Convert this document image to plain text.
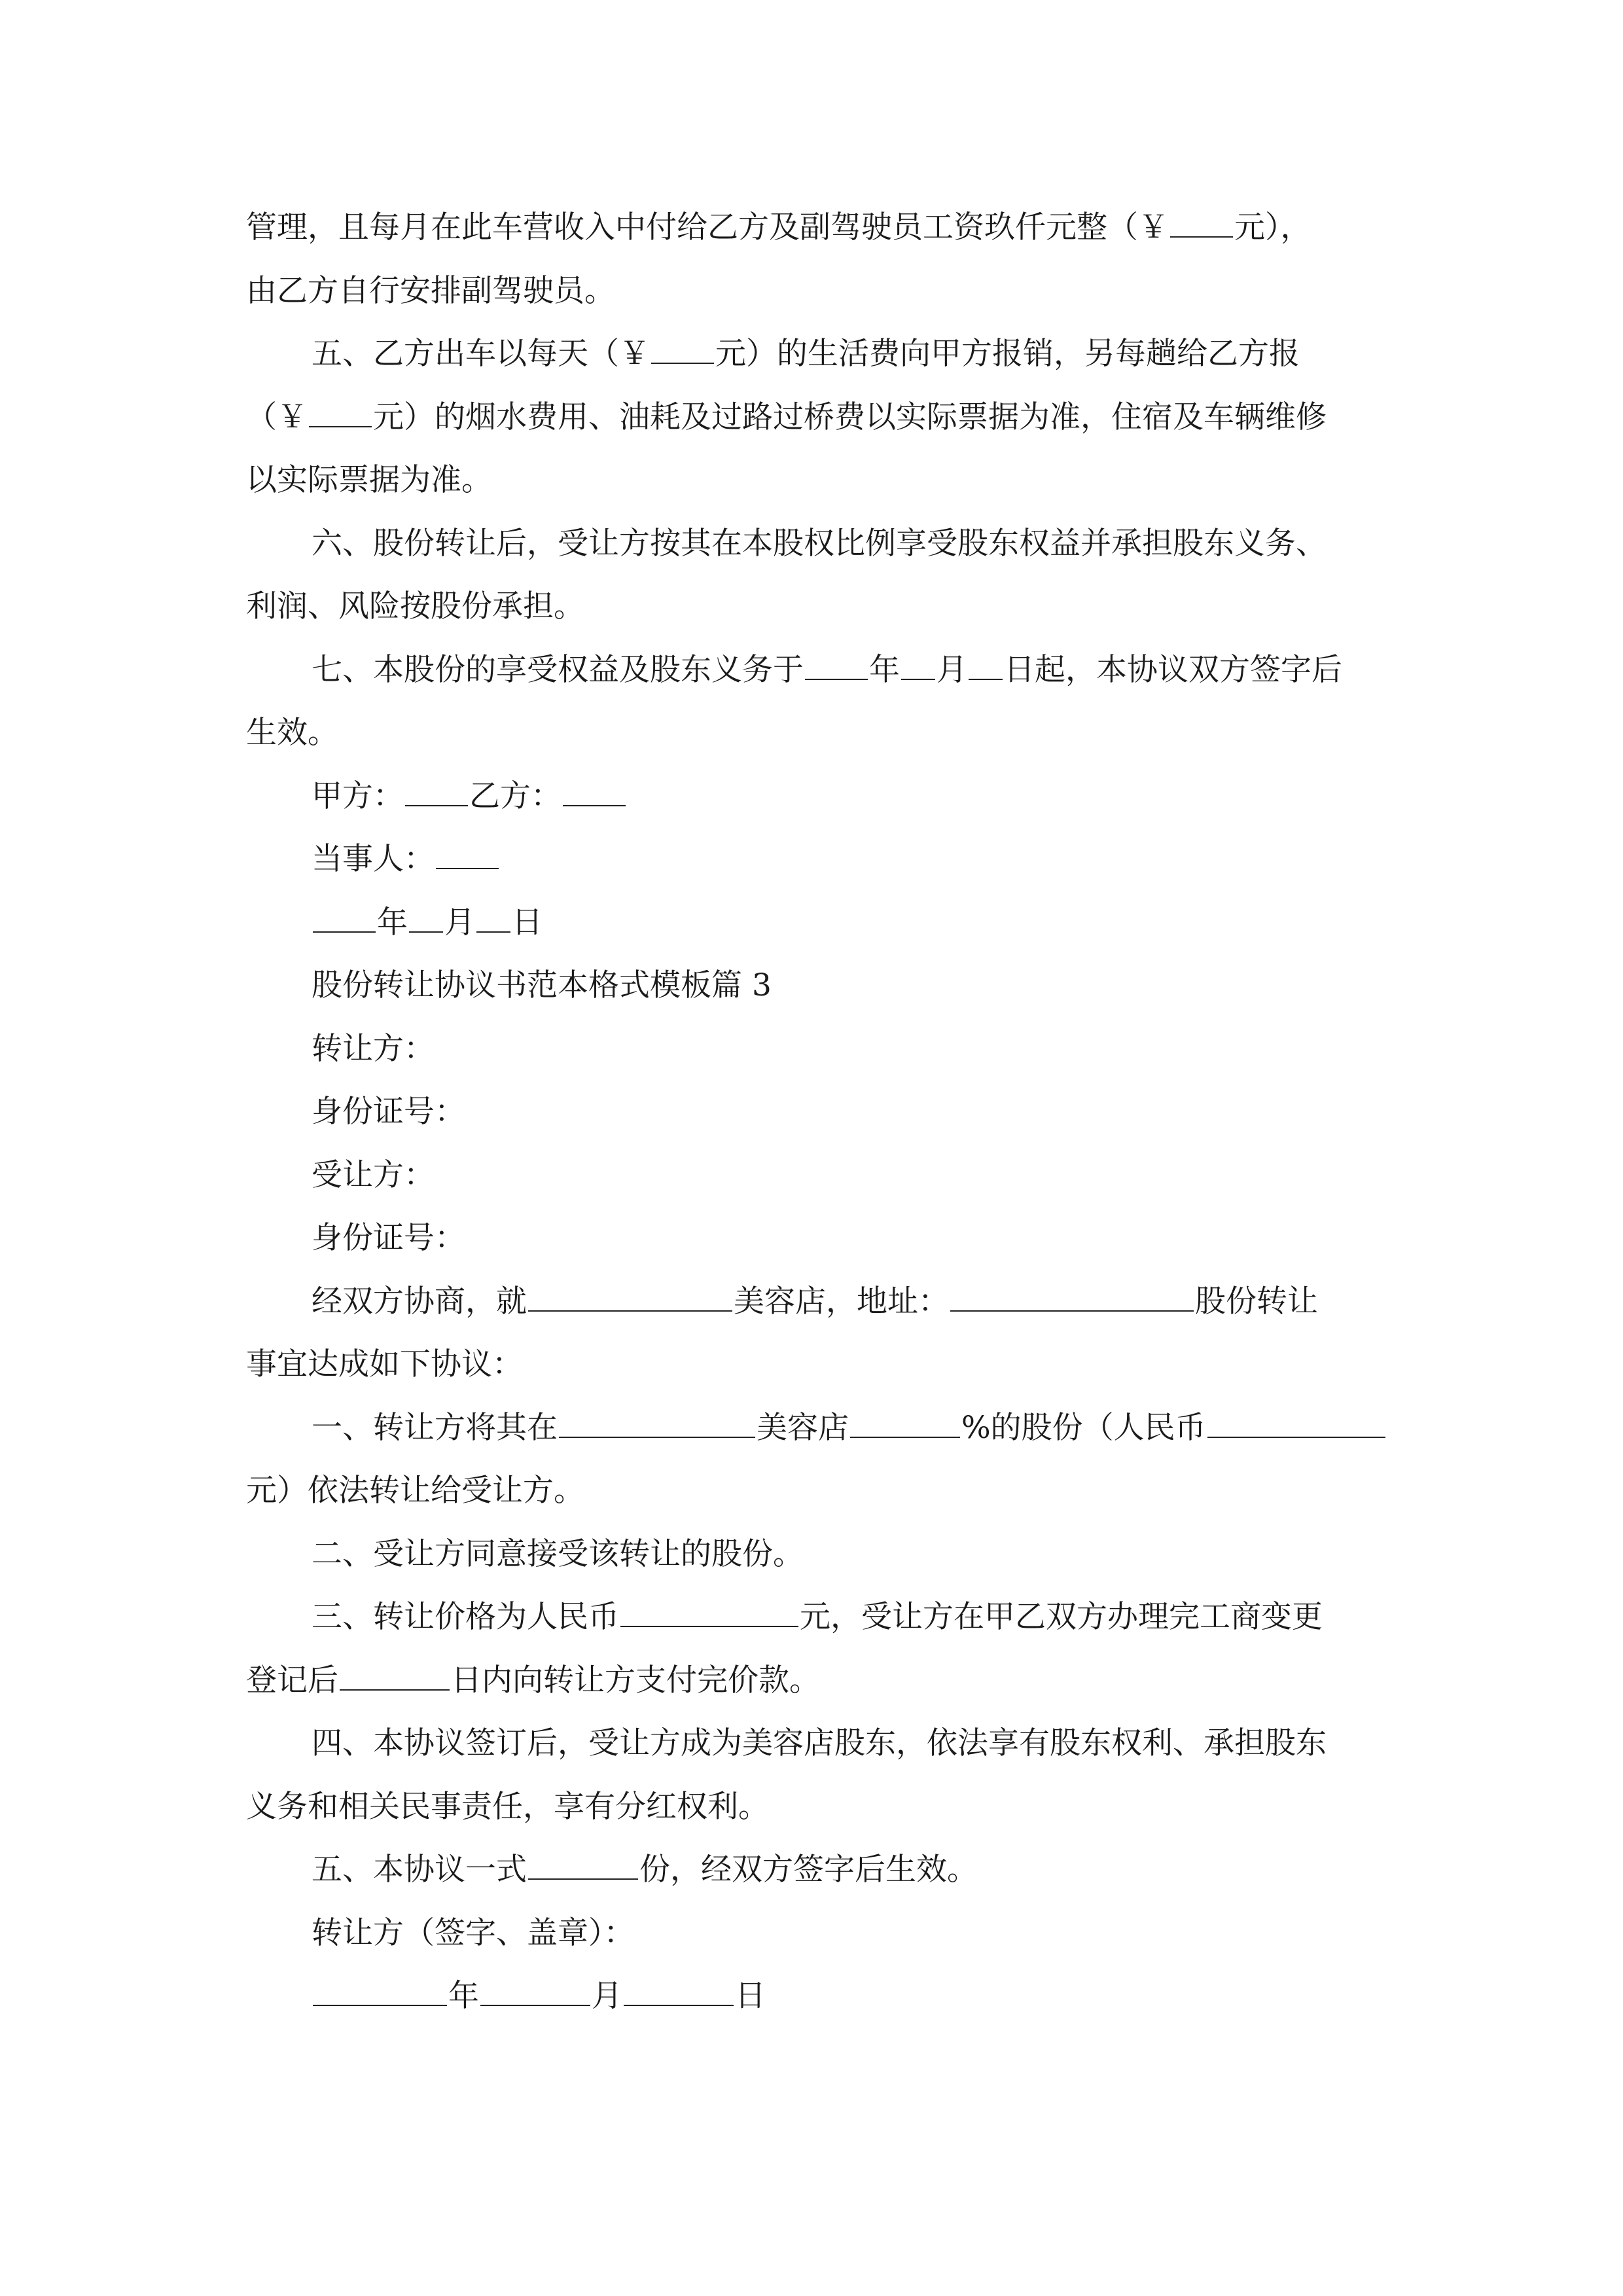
管理，且每月在此车营收入中付给乙方及副驾驶员工资玖仟元整（￥ 元），
由乙方自行安排副驾驶员。
五、乙方出车以每天（￥ 元）的生活费向甲方报销，另每趟给乙方报
（￥ 元）的烟水费用、油耗及过路过桥费以实际票据为准，住宿及车辆维修
以实际票据为准。
六、股份转让后，受让方按其在本股权比例享受股东权益并承担股东义务、
利润、风险按股份承担。
七、本股份的享受权益及股东义务于 年 月 日起，本协议双方签字后
生效。
甲方： 乙方：
当事人：
年 月 日
股份转让协议书范本格式模板篇 3
转让方：
身份证号：
受让方：
身份证号：
经双方协商，就	美容店，地址：	股份转让
事宜达成如下协议：
一、转让方将其在	美容店	%的股份（人民币
元）依法转让给受让方。
二、受让方同意接受该转让的股份。
三、转让价格为人民币	元，受让方在甲乙双方办理完工商变更
登记后	日内向转让方支付完价款。
四、本协议签订后，受让方成为美容店股东，依法享有股东权利、承担股东
义务和相关民事责任，享有分红权利。
五、本协议一式	份，经双方签字后生效。
转让方（签字、盖章）：
年	月	日
